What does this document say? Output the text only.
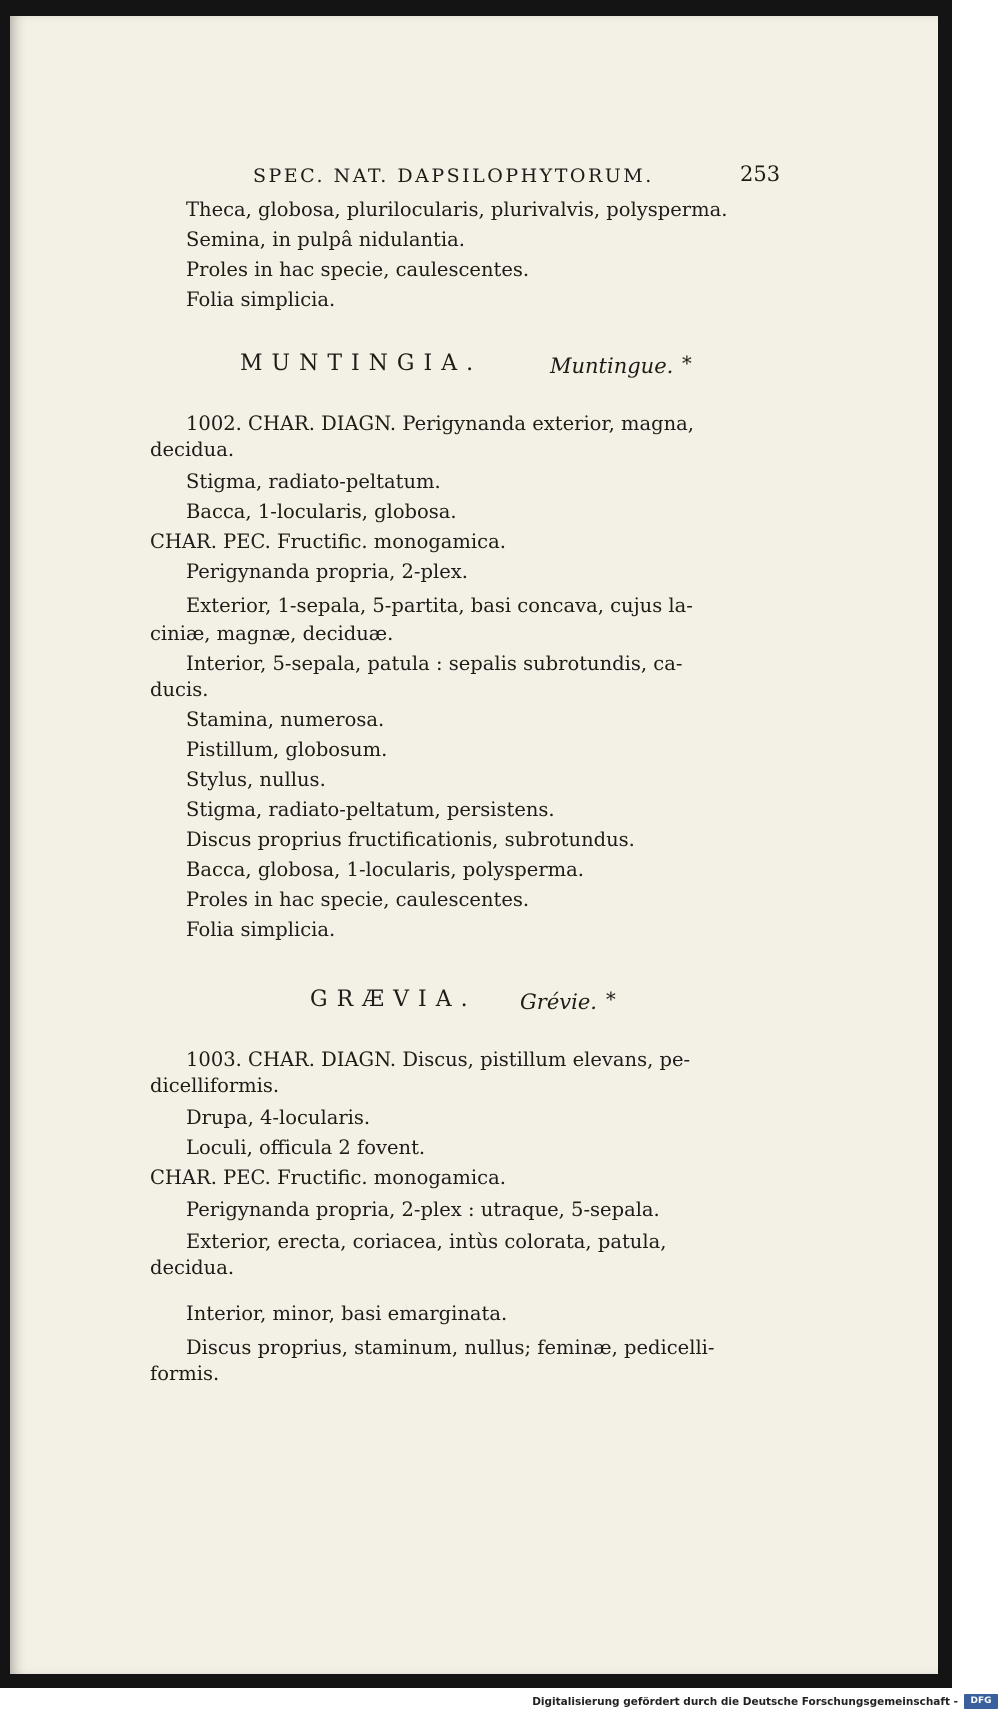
SPEC. NAT. DAPSILOPHYTORUM.	253
Theca, globosa, plurilocularis, plurivalvis, polysperma.
Semina, in pulpâ nidulantia.
Proles in hac specie, caulescentes.
Folia simplicia.
MUNTINGIA.	Muntingue. *
1002. CHAR. DIAGN. Perigynanda exterior, magna,
decidua.
Stigma, radiato-peltatum.
Bacca, 1-locularis, globosa.
CHAR. PEC. Fructific. monogamica.
Perigynanda propria, 2-plex.
Exterior, 1-sepala, 5-partita, basi concava, cujus la-
ciniæ, magnæ, deciduæ.
Interior, 5-sepala, patula : sepalis subrotundis, ca-
ducis.
Stamina, numerosa.
Pistillum, globosum.
Stylus, nullus.
Stigma, radiato-peltatum, persistens.
Discus proprius fructificationis, subrotundus.
Bacca, globosa, 1-locularis, polysperma.
Proles in hac specie, caulescentes.
Folia simplicia.
GRÆVIA. Grévie. *
1003. CHAR. DIAGN. Discus, pistillum elevans, pe-
dicelliformis.
Drupa, 4-locularis.
Loculi, officula 2 fovent.
CHAR. PEC. Fructific. monogamica.
Perigynanda propria, 2-plex : utraque, 5-sepala.
Exterior, erecta, coriacea, intùs colorata, patula,
decidua.
Interior, minor, basi emarginata.
Discus proprius, staminum, nullus; feminæ, pedicelli-
formis.
Digitalisierung gefördert durch die Deutsche Forschungsgemeinschaft -	DFG
